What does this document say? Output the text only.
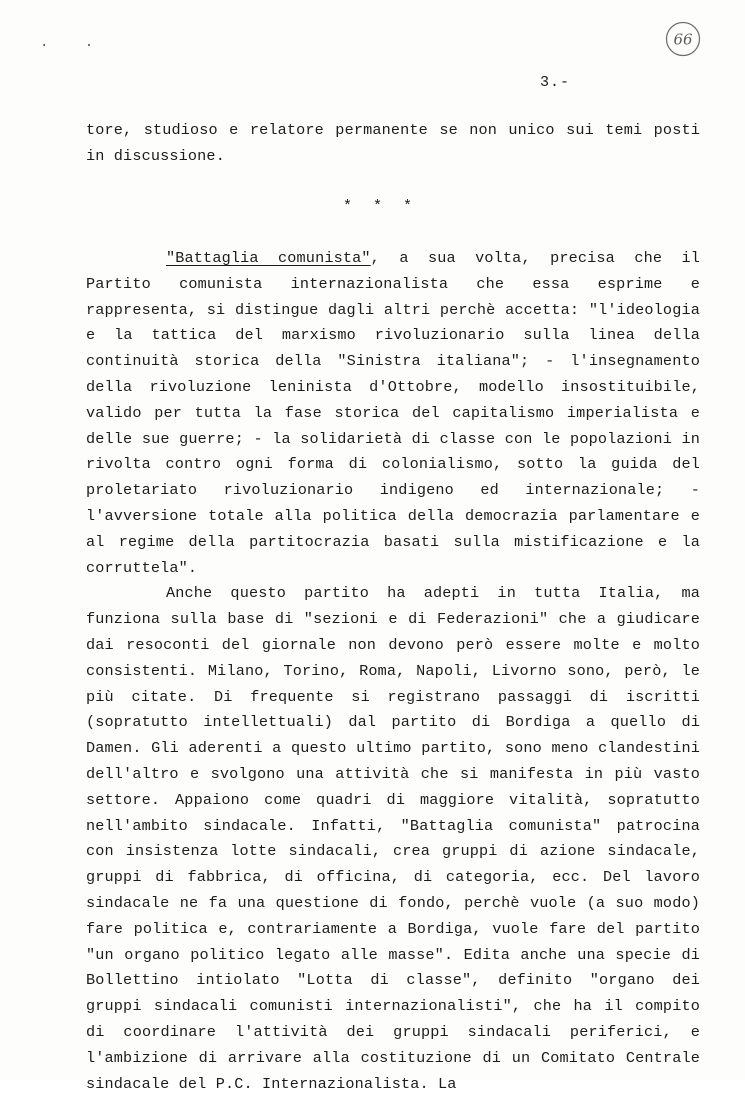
· ·	66
3.-

tore, studioso e relatore permanente se non unico sui temi posti in discussione.

* * *

"Battaglia comunista", a sua volta, precisa che il Partito comunista internazionalista che essa esprime e rappresenta, si distingue dagli altri perchè accetta: "l'ideologia e la tattica del marxismo rivoluzionario sulla linea della continuità storica della "Sinistra italiana"; - l'insegnamento della rivoluzione leninista d'Ottobre, modello insostituibile, valido per tutta la fase storica del capitalismo imperialista e delle sue guerre; - la solidarietà di classe con le popolazioni in rivolta contro ogni forma di colonialismo, sotto la guida del proletariato rivoluzionario indigeno ed internazionale; - l'avversione totale alla politica della democrazia parlamentare e al regime della partitocrazia basati sulla mistificazione e la corruttela".

Anche questo partito ha adepti in tutta Italia, ma funziona sulla base di "sezioni e di Federazioni" che a giudicare dai resoconti del giornale non devono però essere molte e molto consistenti. Milano, Torino, Roma, Napoli, Livorno sono, però, le più citate. Di frequente si registrano passaggi di iscritti (sopratutto intellettuali) dal partito di Bordiga a quello di Damen. Gli aderenti a questo ultimo partito, sono meno clandestini dell'altro e svolgono una attività che si manifesta in più vasto settore. Appaiono come quadri di maggiore vitalità, sopratutto nell'ambito sindacale. Infatti, "Battaglia comunista" patrocina con insistenza lotte sindacali, crea gruppi di azione sindacale, gruppi di fabbrica, di officina, di categoria, ecc. Del lavoro sindacale ne fa una questione di fondo, perchè vuole (a suo modo) fare politica e, contrariamente a Bordiga, vuole fare del partito "un organo politico legato alle masse". Edita anche una specie di Bollettino intiolato "Lotta di classe", definito "organo dei gruppi sindacali comunisti internazionalisti", che ha il compito di coordinare l'attività dei gruppi sindacali periferici, e l'ambizione di arrivare alla costituzione di un Comitato Centrale sindacale del P.C. Internazionalista. La
